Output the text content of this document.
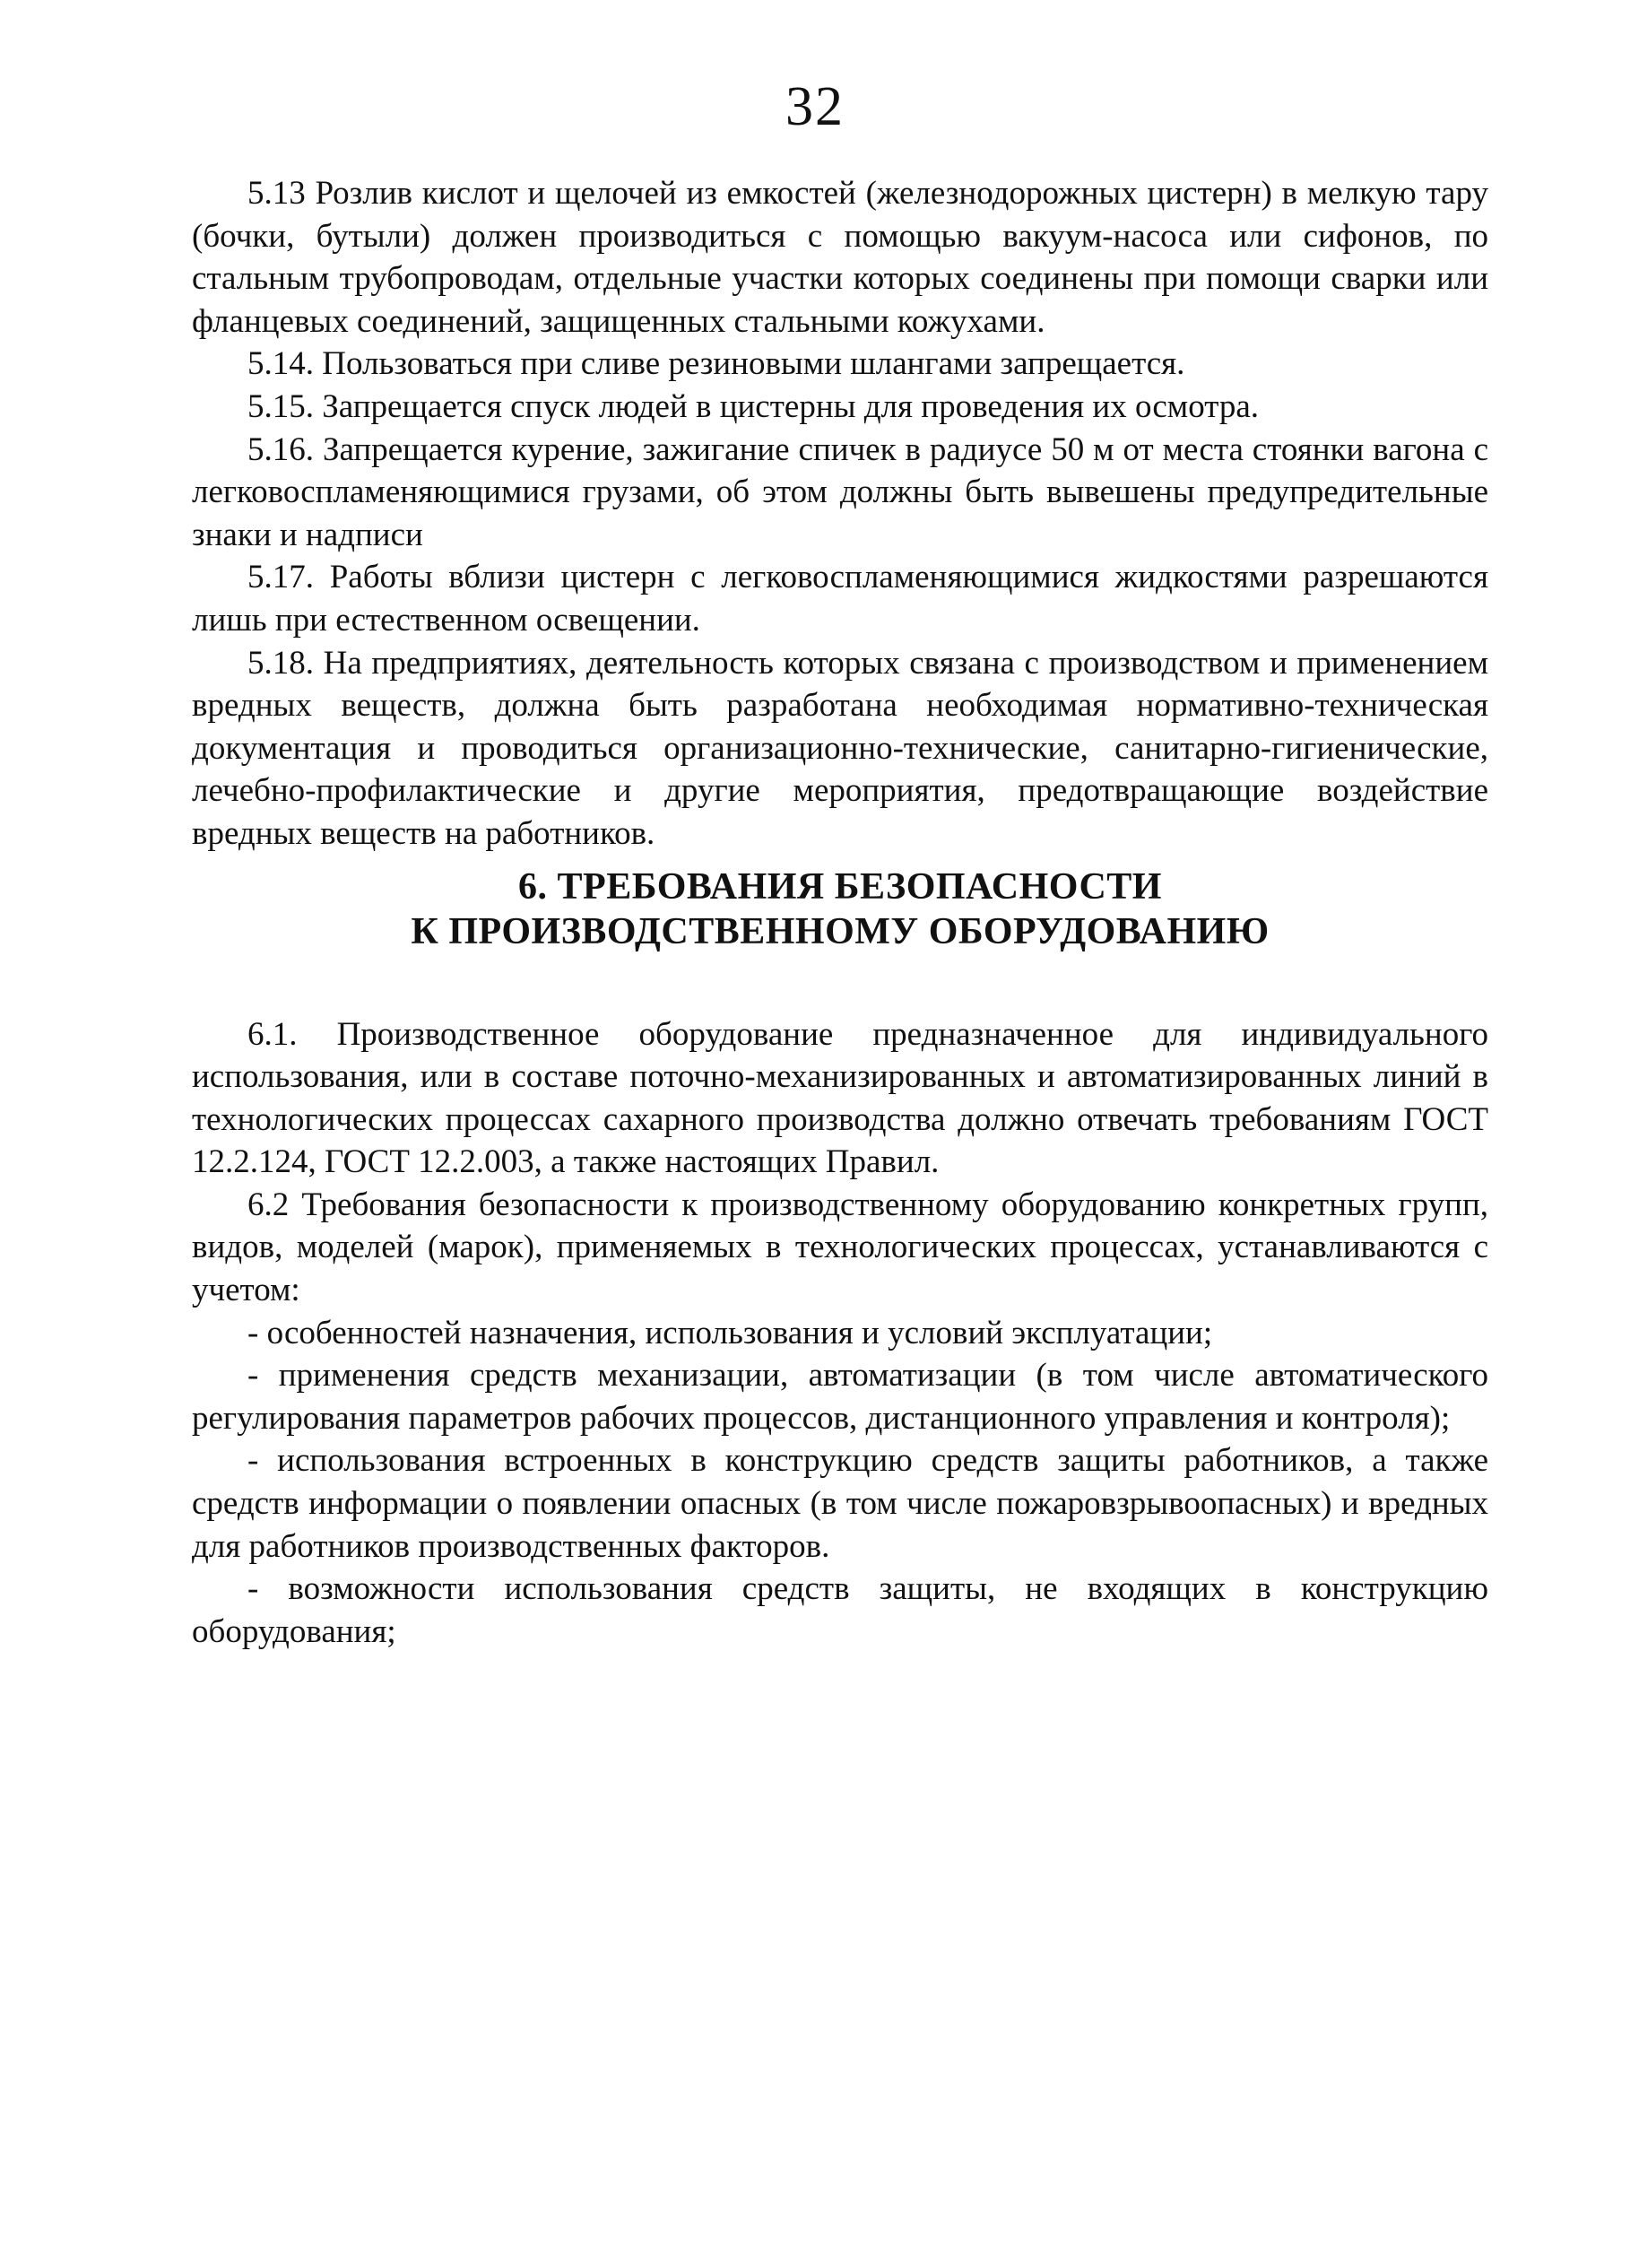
32

5.13 Розлив кислот и щелочей из емкостей (железнодорожных цистерн) в мелкую тару (бочки, бутыли) должен производиться с помощью вакуум-насоса или сифонов, по стальным трубопроводам, отдельные участки которых соединены при помощи сварки или фланцевых соединений, защищенных стальными кожухами.

5.14. Пользоваться при сливе резиновыми шлангами запрещается.

5.15. Запрещается спуск людей в цистерны для проведения их осмотра.

5.16. Запрещается курение, зажигание спичек в радиусе 50 м от места стоянки вагона с легковоспламеняющимися грузами, об этом должны быть вывешены предупредительные знаки и надписи

5.17. Работы вблизи цистерн с легковоспламеняющимися жидкостями разрешаются лишь при естественном освещении.

5.18. На предприятиях, деятельность которых связана с производством и применением вредных веществ, должна быть разработана необходимая нормативно-техническая документация и проводиться организационно-технические, санитарно-гигиенические, лечебно-профилактические и другие мероприятия, предотвращающие воздействие вредных веществ на работников.

6. ТРЕБОВАНИЯ БЕЗОПАСНОСТИ
К ПРОИЗВОДСТВЕННОМУ ОБОРУДОВАНИЮ

6.1. Производственное оборудование предназначенное для индивидуального использования, или в составе поточно-механизированных и автоматизированных линий в технологических процессах сахарного производства должно отвечать требованиям ГОСТ 12.2.124, ГОСТ 12.2.003, а также настоящих Правил.

6.2 Требования безопасности к производственному оборудованию конкретных групп, видов, моделей (марок), применяемых в технологических процессах, устанавливаются с учетом:

- особенностей назначения, использования и условий эксплуатации;

- применения средств механизации, автоматизации (в том числе автоматического регулирования параметров рабочих процессов, дистанционного управления и контроля);

- использования встроенных в конструкцию средств защиты работников, а также средств информации о появлении опасных (в том числе пожаровзрывоопасных) и вредных для работников производственных факторов.

- возможности использования средств защиты, не входящих в конструкцию оборудования;
